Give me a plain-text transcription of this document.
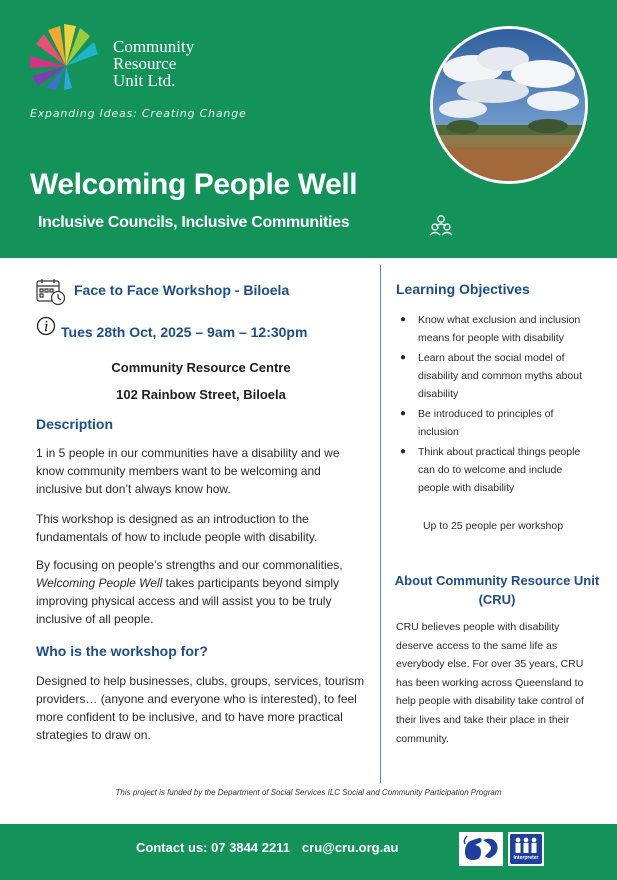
Community
Resource
Unit Ltd.
Expanding Ideas: Creating Change
Welcoming People Well
Inclusive Councils, Inclusive Communities
Face to Face Workshop - Biloela
Tues 28th Oct, 2025 – 9am – 12:30pm
Community Resource Centre
102 Rainbow Street, Biloela
Description
1 in 5 people in our communities have a disability and we know community members want to be welcoming and inclusive but don’t always know how.
This workshop is designed as an introduction to the fundamentals of how to include people with disability.
By focusing on people’s strengths and our commonalities, Welcoming People Well takes participants beyond simply improving physical access and will assist you to be truly inclusive of all people.
Who is the workshop for?
Designed to help businesses, clubs, groups, services, tourism providers… (anyone and everyone who is interested), to feel more confident to be inclusive, and to have more practical strategies to draw on.
Learning Objectives
● Know what exclusion and inclusion means for people with disability
● Learn about the social model of disability and common myths about disability
● Be introduced to principles of inclusion
● Think about practical things people can do to welcome and include people with disability
Up to 25 people per workshop
About Community Resource Unit (CRU)
CRU believes people with disability deserve access to the same life as everybody else. For over 35 years, CRU has been working across Queensland to help people with disability take control of their lives and take their place in their community.
This project is funded by the Department of Social Services ILC Social and Community Participation Program
Contact us: 07 3844 2211 cru@cru.org.au
Interpreter
